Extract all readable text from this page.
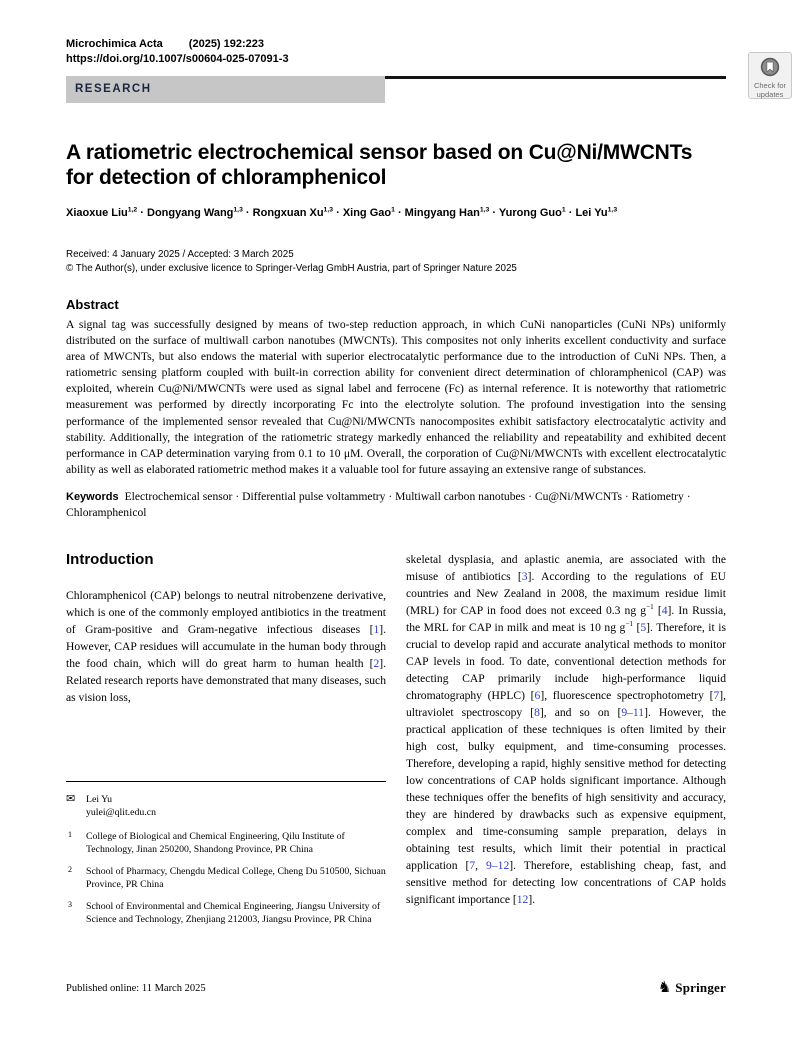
Microchimica Acta (2025) 192:223
https://doi.org/10.1007/s00604-025-07091-3
RESEARCH	Check for
updates
A ratiometric electrochemical sensor based on Cu@Ni/MWCNTs for detection of chloramphenicol
Xiaoxue Liu$^{1,2}$ · Dongyang Wang$^{1,3}$ · Rongxuan Xu$^{1,3}$ · Xing Gao$^1$ · Mingyang Han$^{1,3}$ · Yurong Guo$^1$ · Lei Yu$^{1,3}$
Received: 4 January 2025 / Accepted: 3 March 2025
© The Author(s), under exclusive licence to Springer-Verlag GmbH Austria, part of Springer Nature 2025
Abstract

A signal tag was successfully designed by means of two-step reduction approach, in which CuNi nanoparticles (CuNi NPs) uniformly distributed on the surface of multiwall carbon nanotubes (MWCNTs). This composites not only inherits excellent conductivity and surface area of MWCNTs, but also endows the material with superior electrocatalytic performance due to the introduction of CuNi NPs. Then, a ratiometric sensing platform coupled with built-in correction ability for convenient direct determination of chloramphenicol (CAP) was exploited, wherein Cu@Ni/MWCNTs were used as signal label and ferrocene (Fc) as internal reference. It is noteworthy that ratiometric measurement was performed by directly incorporating Fc into the electrolyte solution. The profound investigation into the sensing performance of the implemented sensor revealed that Cu@Ni/MWCNTs nanocomposites exhibit satisfactory electrocatalytic activity and stability. Additionally, the integration of the ratiometric strategy markedly enhanced the reliability and repeatability and exhibited decent performance in CAP determination varying from 0.1 to 10 μM. Overall, the corporation of Cu@Ni/MWCNTs with excellent electrocatalytic ability as well as elaborated ratiometric method makes it a valuable tool for future assaying an extensive range of substances.

Keywords Electrochemical sensor · Differential pulse voltammetry · Multiwall carbon nanotubes · Cu@Ni/MWCNTs · Ratiometry · Chloramphenicol

Introduction

Chloramphenicol (CAP) belongs to neutral nitrobenzene derivative, which is one of the commonly employed antibiotics in the treatment of Gram-positive and Gram-negative infectious diseases [1]. However, CAP residues will accumulate in the human body through the food chain, which will do great harm to human health [2]. Related research reports have demonstrated that many diseases, such as vision loss,

✉	Lei Yu
yulei@qlit.edu.cn
1	College of Biological and Chemical Engineering, Qilu Institute of Technology, Jinan 250200, Shandong Province, PR China
2	School of Pharmacy, Chengdu Medical College, Cheng Du 510500, Sichuan Province, PR China
3	School of Environmental and Chemical Engineering, Jiangsu University of Science and Technology, Zhenjiang 212003, Jiangsu Province, PR China

skeletal dysplasia, and aplastic anemia, are associated with the misuse of antibiotics [3]. According to the regulations of EU countries and New Zealand in 2008, the maximum residue limit (MRL) for CAP in food does not exceed 0.3 ng $g^{-1}$ [4]. In Russia, the MRL for CAP in milk and meat is 10 ng $g^{-1}$ [5]. Therefore, it is crucial to develop rapid and accurate analytical methods to monitor CAP levels in food. To date, conventional detection methods for detecting CAP primarily include high-performance liquid chromatography (HPLC) [6], fluorescence spectrophotometry [7], ultraviolet spectroscopy [8], and so on [9–11]. However, the practical application of these techniques is often limited by their high cost, bulky equipment, and time-consuming processes. Therefore, developing a rapid, highly sensitive method for detecting low concentrations of CAP holds significant importance. Although these techniques offer the benefits of high sensitivity and accuracy, they are hindered by drawbacks such as expensive equipment, complex and time-consuming sample preparation, delays in obtaining test results, which limit their potential in practical application [7, 9–12]. Therefore, establishing cheap, fast, and sensitive method for detecting low concentrations of CAP holds significant importance [12].

Published online: 11 March 2025	♞ Springer
